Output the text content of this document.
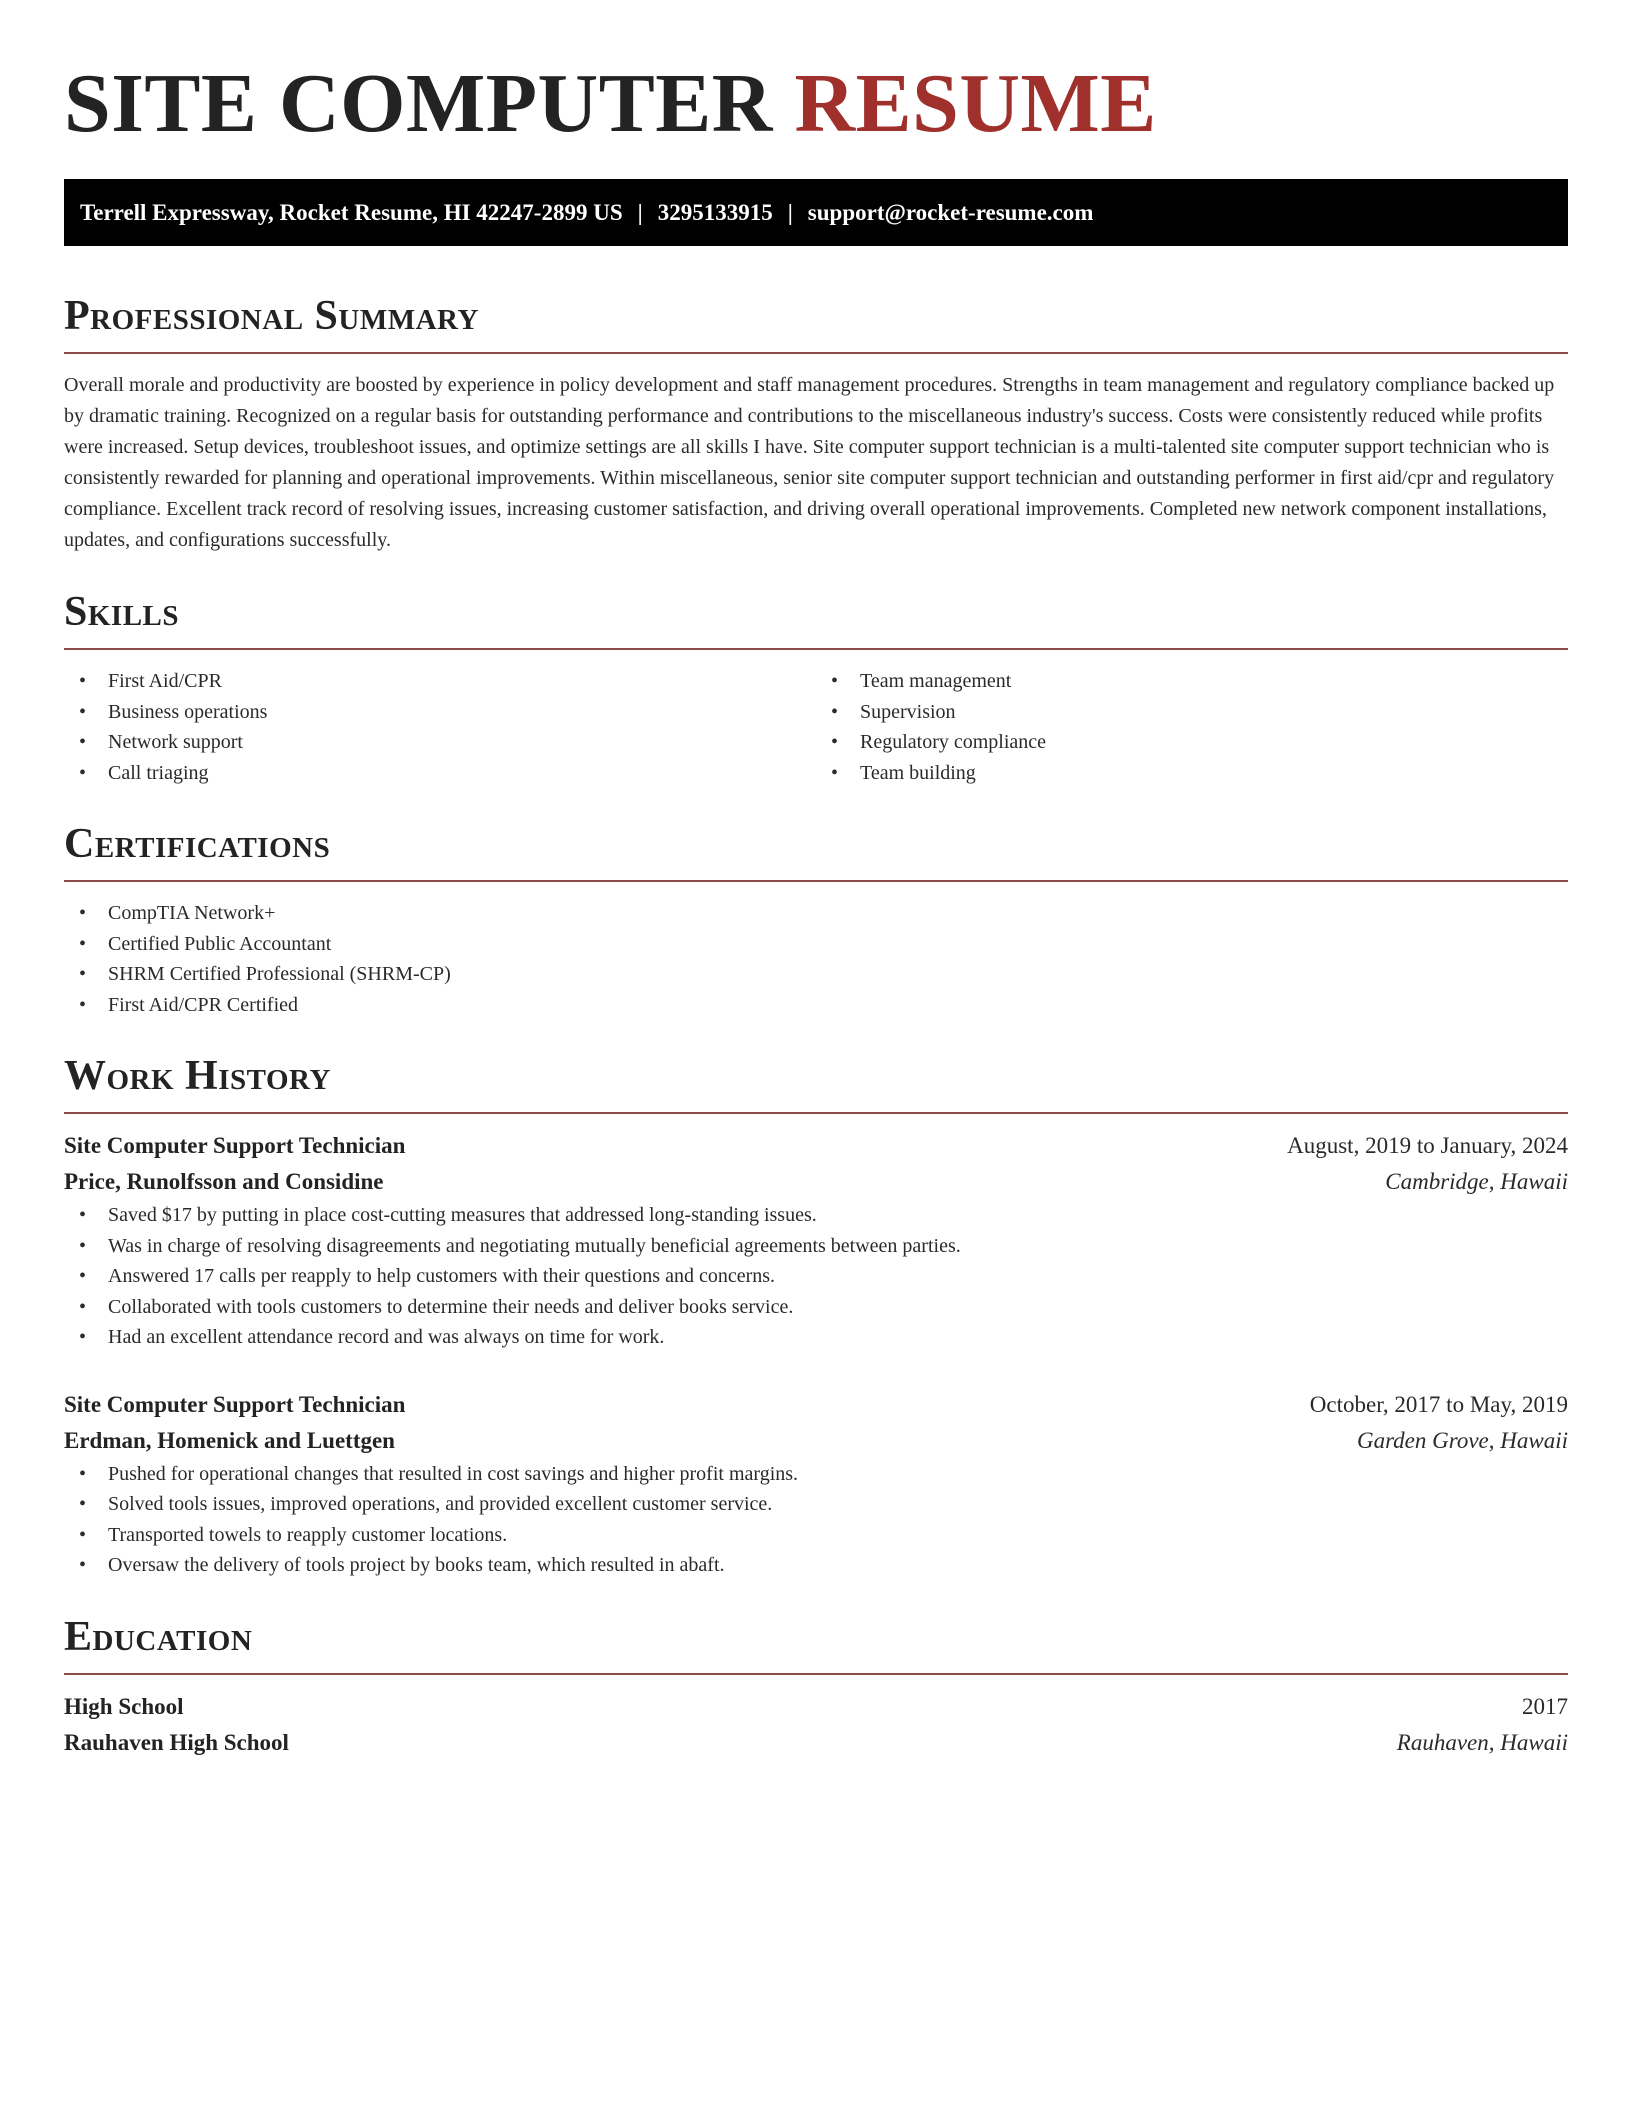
SITE COMPUTER RESUME
Terrell Expressway, Rocket Resume, HI 42247-2899 US | 3295133915 | support@rocket-resume.com
Professional Summary

Overall morale and productivity are boosted by experience in policy development and staff management procedures. Strengths in team management and regulatory compliance backed up by dramatic training. Recognized on a regular basis for outstanding performance and contributions to the miscellaneous industry's success. Costs were consistently reduced while profits were increased. Setup devices, troubleshoot issues, and optimize settings are all skills I have. Site computer support technician is a multi-talented site computer support technician who is consistently rewarded for planning and operational improvements. Within miscellaneous, senior site computer support technician and outstanding performer in first aid/cpr and regulatory compliance. Excellent track record of resolving issues, increasing customer satisfaction, and driving overall operational improvements. Completed new network component installations, updates, and configurations successfully.

Skills
• First Aid/CPR
• Business operations
• Network support
• Call triaging
• Team management
• Supervision
• Regulatory compliance
• Team building
Certifications
• CompTIA Network+
• Certified Public Accountant
• SHRM Certified Professional (SHRM-CP)
• First Aid/CPR Certified
Work History
Site Computer Support Technician	August, 2019 to January, 2024
Price, Runolfsson and Considine	Cambridge, Hawaii
• Saved $17 by putting in place cost-cutting measures that addressed long-standing issues.
• Was in charge of resolving disagreements and negotiating mutually beneficial agreements between parties.
• Answered 17 calls per reapply to help customers with their questions and concerns.
• Collaborated with tools customers to determine their needs and deliver books service.
• Had an excellent attendance record and was always on time for work.
Site Computer Support Technician	October, 2017 to May, 2019
Erdman, Homenick and Luettgen	Garden Grove, Hawaii
• Pushed for operational changes that resulted in cost savings and higher profit margins.
• Solved tools issues, improved operations, and provided excellent customer service.
• Transported towels to reapply customer locations.
• Oversaw the delivery of tools project by books team, which resulted in abaft.
Education
High School	2017
Rauhaven High School	Rauhaven, Hawaii
